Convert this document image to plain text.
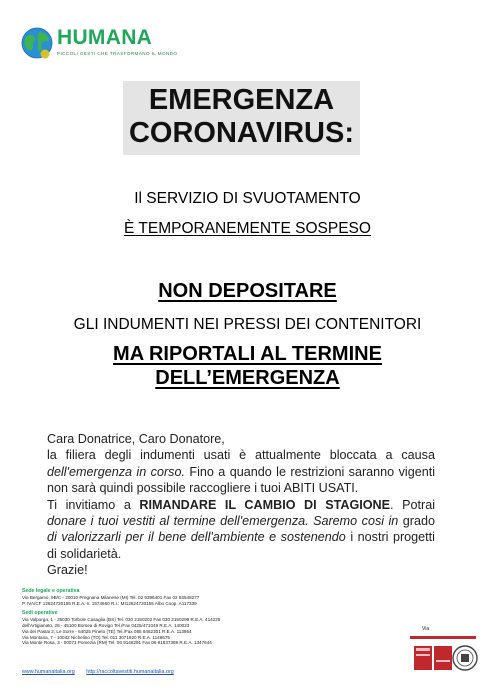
HUMANA
PICCOLI GESTI CHE TRASFORMANO IL MONDO
EMERGENZA
CORONAVIRUS:
Il SERVIZIO DI SVUOTAMENTO
È TEMPORANEMENTE SOSPESO
NON DEPOSITARE
GLI INDUMENTI NEI PRESSI DEI CONTENITORI
MA RIPORTALI AL TERMINE
DELL’EMERGENZA

Cara Donatrice, Caro Donatore,

la filiera degli indumenti usati è attualmente bloccata a causa dell'emergenza in corso. Fino a quando le restrizioni saranno vigenti non sarà quindi possibile raccogliere i tuoi ABITI USATI.

Ti invitiamo a RIMANDARE IL CAMBIO DI STAGIONE. Potrai donare i tuoi vestiti al termine dell'emergenza. Saremo cosi in grado di valorizzarli per il bene dell'ambiente e sostenendo i nostri progetti di solidarietà.

Grazie!

Sede legale e operativa
Via Bergamo, 9B/C - 20010 Pregnana Milanese (MI) Tel. 02 9396401 Fax 02 93548277
P. IVA/CF 12624720155 R.E.A. n. 1574660 R.I.: MI12624720155 Albo Coop. A117339
Sedi operative
Via Valpurga, 1 - 25030 Torbole Casaglia (BS) Tel. 030 2150202 Fax 030 2150299 R.E.A. 414225
dell'Artigianato, 28 - 45100 Borsea di Rovigo Tel./Fax 0425/471049 R.E.A. 140023
Via dei Pastai 2, Le Sorre - 64025 Pineto (TE) Tel./Fax 085 9462301 R.E.A. 113954
Via Montana, 7 - 10042 Nichelino (TO) Tel. 011 3071920 R.E.A. 1146675
Via Monte Rosa, 3 - 00071 Pomezia (RM) Tel. 06 9146291 Fax 06 91837369 R.E.A. 1347644
www.humanaitalia.org http://raccoltavestiti.humanaitalia.org
Via
